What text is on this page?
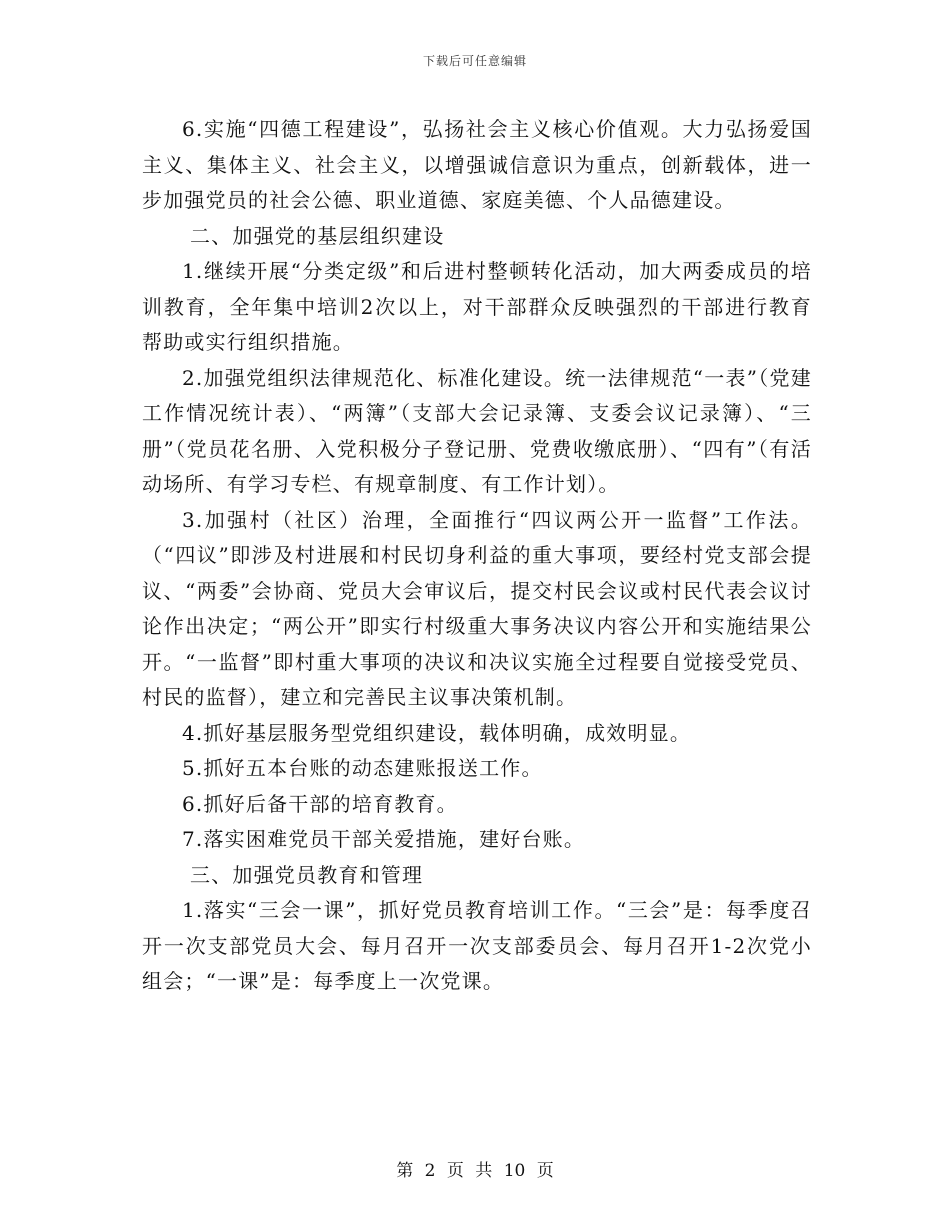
下载后可任意编辑

6.实施“四德工程建设”，弘扬社会主义核心价值观。大力弘扬爱国主义、集体主义、社会主义，以增强诚信意识为重点，创新载体，进一步加强党员的社会公德、职业道德、家庭美德、个人品德建设。

二、加强党的基层组织建设

1.继续开展“分类定级”和后进村整顿转化活动，加大两委成员的培训教育，全年集中培训2次以上，对干部群众反映强烈的干部进行教育帮助或实行组织措施。

2.加强党组织法律规范化、标准化建设。统一法律规范“一表”（党建工作情况统计表）、“两簿”（支部大会记录簿、支委会议记录簿）、“三册”（党员花名册、入党积极分子登记册、党费收缴底册）、“四有”（有活动场所、有学习专栏、有规章制度、有工作计划）。

3.加强村（社区）治理，全面推行“四议两公开一监督”工作法。（“四议”即涉及村进展和村民切身利益的重大事项，要经村党支部会提议、“两委”会协商、党员大会审议后，提交村民会议或村民代表会议讨论作出决定；“两公开”即实行村级重大事务决议内容公开和实施结果公开。“一监督”即村重大事项的决议和决议实施全过程要自觉接受党员、村民的监督），建立和完善民主议事决策机制。

4.抓好基层服务型党组织建设，载体明确，成效明显。

5.抓好五本台账的动态建账报送工作。

6.抓好后备干部的培育教育。

7.落实困难党员干部关爱措施，建好台账。

三、加强党员教育和管理

1.落实“三会一课”，抓好党员教育培训工作。“三会”是：每季度召开一次支部党员大会、每月召开一次支部委员会、每月召开1-2次党小组会；“一课”是：每季度上一次党课。

第 2 页 共 10 页
